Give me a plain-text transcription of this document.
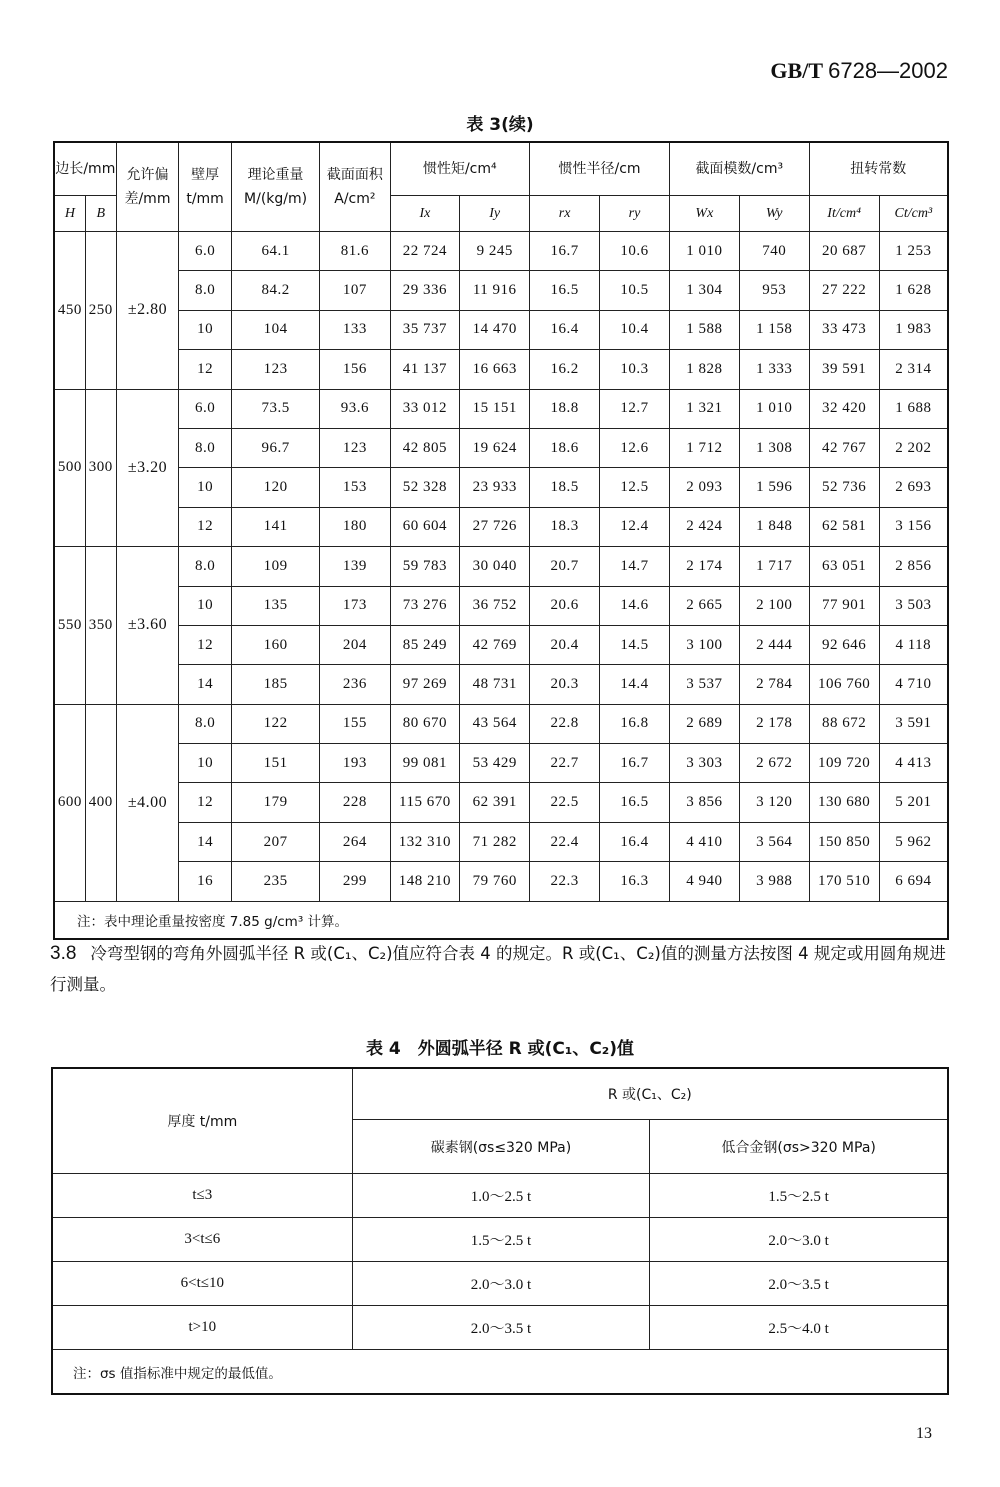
GB/T 6728—2002
表 3(续)
边长/mm		允许偏差/mm	壁厚 t/mm	理论重量 M/(kg/m)	截面面积 A/cm²	惯性矩/cm⁴		惯性半径/cm		截面模数/cm³		扭转常数	
H	B					Ix	Iy	rx	ry	Wx	Wy	It/cm⁴	Ct/cm³
450	250	±2.80	6.0	64.1	81.6	22 724	9 245	16.7	10.6	1 010	740	20 687	1 253
			8.0	84.2	107	29 336	11 916	16.5	10.5	1 304	953	27 222	1 628
			10	104	133	35 737	14 470	16.4	10.4	1 588	1 158	33 473	1 983
			12	123	156	41 137	16 663	16.2	10.3	1 828	1 333	39 591	2 314
500	300	±3.20	6.0	73.5	93.6	33 012	15 151	18.8	12.7	1 321	1 010	32 420	1 688
			8.0	96.7	123	42 805	19 624	18.6	12.6	1 712	1 308	42 767	2 202
			10	120	153	52 328	23 933	18.5	12.5	2 093	1 596	52 736	2 693
			12	141	180	60 604	27 726	18.3	12.4	2 424	1 848	62 581	3 156
550	350	±3.60	8.0	109	139	59 783	30 040	20.7	14.7	2 174	1 717	63 051	2 856
			10	135	173	73 276	36 752	20.6	14.6	2 665	2 100	77 901	3 503
			12	160	204	85 249	42 769	20.4	14.5	3 100	2 444	92 646	4 118
			14	185	236	97 269	48 731	20.3	14.4	3 537	2 784	106 760	4 710
600	400	±4.00	8.0	122	155	80 670	43 564	22.8	16.8	2 689	2 178	88 672	3 591
			10	151	193	99 081	53 429	22.7	16.7	3 303	2 672	109 720	4 413
			12	179	228	115 670	62 391	22.5	16.5	3 856	3 120	130 680	5 201
			14	207	264	132 310	71 282	22.4	16.4	4 410	3 564	150 850	5 962
			16	235	299	148 210	79 760	22.3	16.3	4 940	3 988	170 510	6 694
注：表中理论重量按密度 7.85 g/cm³ 计算。													
3.8 冷弯型钢的弯角外圆弧半径 R 或(C₁、C₂)值应符合表 4 的规定。R 或(C₁、C₂)值的测量方法按图 4 规定或用圆角规进行测量。
表 4　外圆弧半径 R 或(C₁、C₂)值
厚度 t/mm	R 或(C₁、C₂)	
	碳素钢(σs≤320 MPa)	低合金钢(σs>320 MPa)
t≤3	1.0～2.5 t	1.5～2.5 t
3<t≤6	1.5～2.5 t	2.0～3.0 t
6<t≤10	2.0～3.0 t	2.0～3.5 t
t>10	2.0～3.5 t	2.5～4.0 t
注：σs 值指标准中规定的最低值。		
13
